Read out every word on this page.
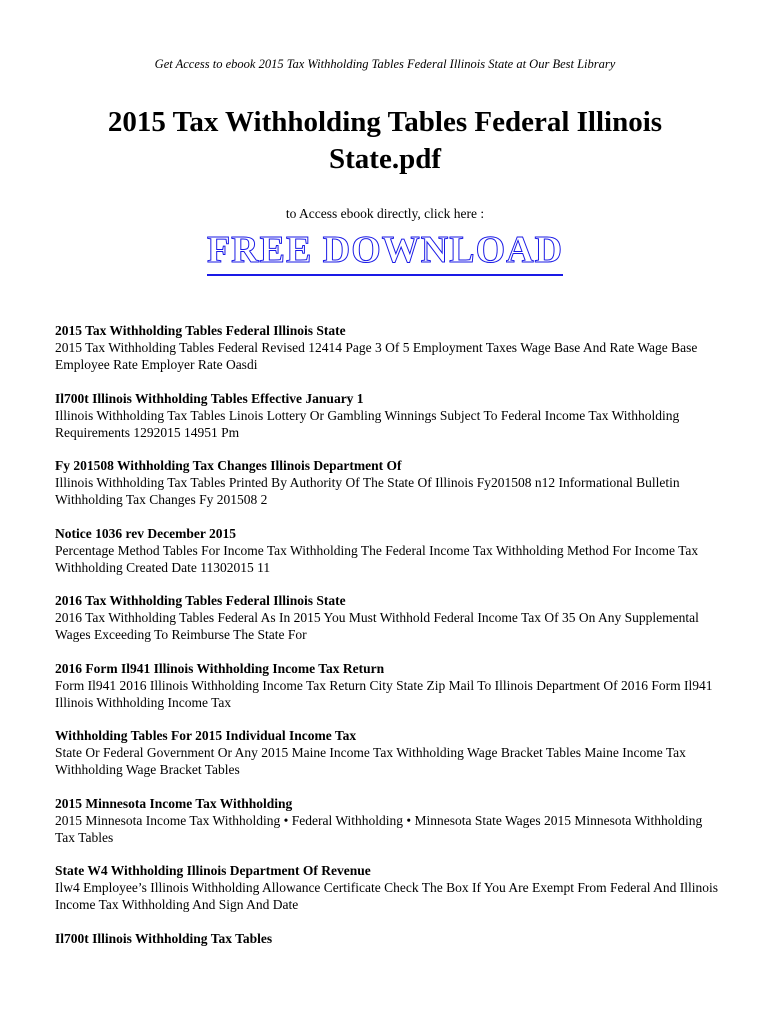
Get Access to ebook 2015 Tax Withholding Tables Federal Illinois State at Our Best Library
2015 Tax Withholding Tables Federal Illinois State.pdf
to Access ebook directly, click here :
FREE DOWNLOAD
2015 Tax Withholding Tables Federal Illinois State

2015 Tax Withholding Tables Federal Revised 12414 Page 3 Of 5 Employment Taxes Wage Base And Rate Wage Base Employee Rate Employer Rate Oasdi

Il700t Illinois Withholding Tables Effective January 1

Illinois Withholding Tax Tables Linois Lottery Or Gambling Winnings Subject To Federal Income Tax Withholding Requirements 1292015 14951 Pm

Fy 201508 Withholding Tax Changes Illinois Department Of

Illinois Withholding Tax Tables Printed By Authority Of The State Of Illinois Fy201508 n12 Informational Bulletin Withholding Tax Changes Fy 201508 2

Notice 1036 rev December 2015

Percentage Method Tables For Income Tax Withholding The Federal Income Tax Withholding Method For Income Tax Withholding Created Date 11302015 11

2016 Tax Withholding Tables Federal Illinois State

2016 Tax Withholding Tables Federal As In 2015 You Must Withhold Federal Income Tax Of 35 On Any Supplemental Wages Exceeding To Reimburse The State For

2016 Form Il941 Illinois Withholding Income Tax Return

Form Il941 2016 Illinois Withholding Income Tax Return City State Zip Mail To Illinois Department Of 2016 Form Il941 Illinois Withholding Income Tax

Withholding Tables For 2015 Individual Income Tax

State Or Federal Government Or Any 2015 Maine Income Tax Withholding Wage Bracket Tables Maine Income Tax Withholding Wage Bracket Tables

2015 Minnesota Income Tax Withholding

2015 Minnesota Income Tax Withholding • Federal Withholding • Minnesota State Wages 2015 Minnesota Withholding Tax Tables

State W4 Withholding Illinois Department Of Revenue

Ilw4 Employee’s Illinois Withholding Allowance Certificate Check The Box If You Are Exempt From Federal And Illinois Income Tax Withholding And Sign And Date

Il700t Illinois Withholding Tax Tables
